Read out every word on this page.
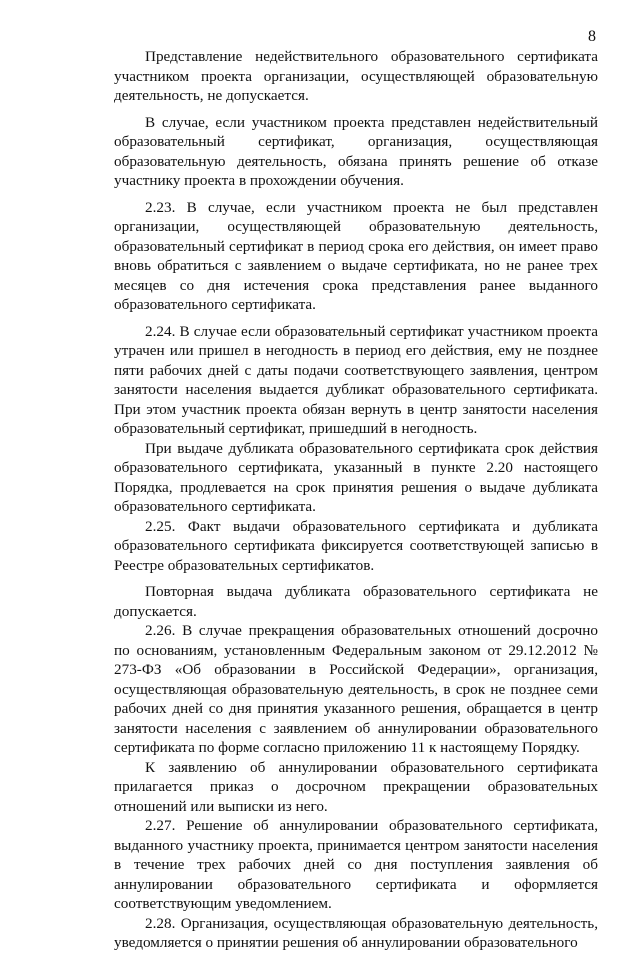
8

Представление недействительного образовательного сертификата участником проекта организации, осуществляющей образовательную деятельность, не допускается.

В случае, если участником проекта представлен недействительный образовательный сертификат, организация, осуществляющая образовательную деятельность, обязана принять решение об отказе участнику проекта в прохождении обучения.

2.23. В случае, если участником проекта не был представлен организации, осуществляющей образовательную деятельность, образовательный сертификат в период срока его действия, он имеет право вновь обратиться с заявлением о выдаче сертификата, но не ранее трех месяцев со дня истечения срока представления ранее выданного образовательного сертификата.

2.24. В случае если образовательный сертификат участником проекта утрачен или пришел в негодность в период его действия, ему не позднее пяти рабочих дней с даты подачи соответствующего заявления, центром занятости населения выдается дубликат образовательного сертификата. При этом участник проекта обязан вернуть в центр занятости населения образовательный сертификат, пришедший в негодность.

При выдаче дубликата образовательного сертификата срок действия образовательного сертификата, указанный в пункте 2.20 настоящего Порядка, продлевается на срок принятия решения о выдаче дубликата образовательного сертификата.

2.25. Факт выдачи образовательного сертификата и дубликата образовательного сертификата фиксируется соответствующей записью в Реестре образовательных сертификатов.

Повторная выдача дубликата образовательного сертификата не допускается.

2.26. В случае прекращения образовательных отношений досрочно по основаниям, установленным Федеральным законом от 29.12.2012 № 273-ФЗ «Об образовании в Российской Федерации», организация, осуществляющая образовательную деятельность, в срок не позднее семи рабочих дней со дня принятия указанного решения, обращается в центр занятости населения с заявлением об аннулировании образовательного сертификата по форме согласно приложению 11 к настоящему Порядку.

К заявлению об аннулировании образовательного сертификата прилагается приказ о досрочном прекращении образовательных отношений или выписки из него.

2.27. Решение об аннулировании образовательного сертификата, выданного участнику проекта, принимается центром занятости населения в течение трех рабочих дней со дня поступления заявления об аннулировании образовательного сертификата и оформляется соответствующим уведомлением.

2.28. Организация, осуществляющая образовательную деятельность, уведомляется о принятии решения об аннулировании образовательного
